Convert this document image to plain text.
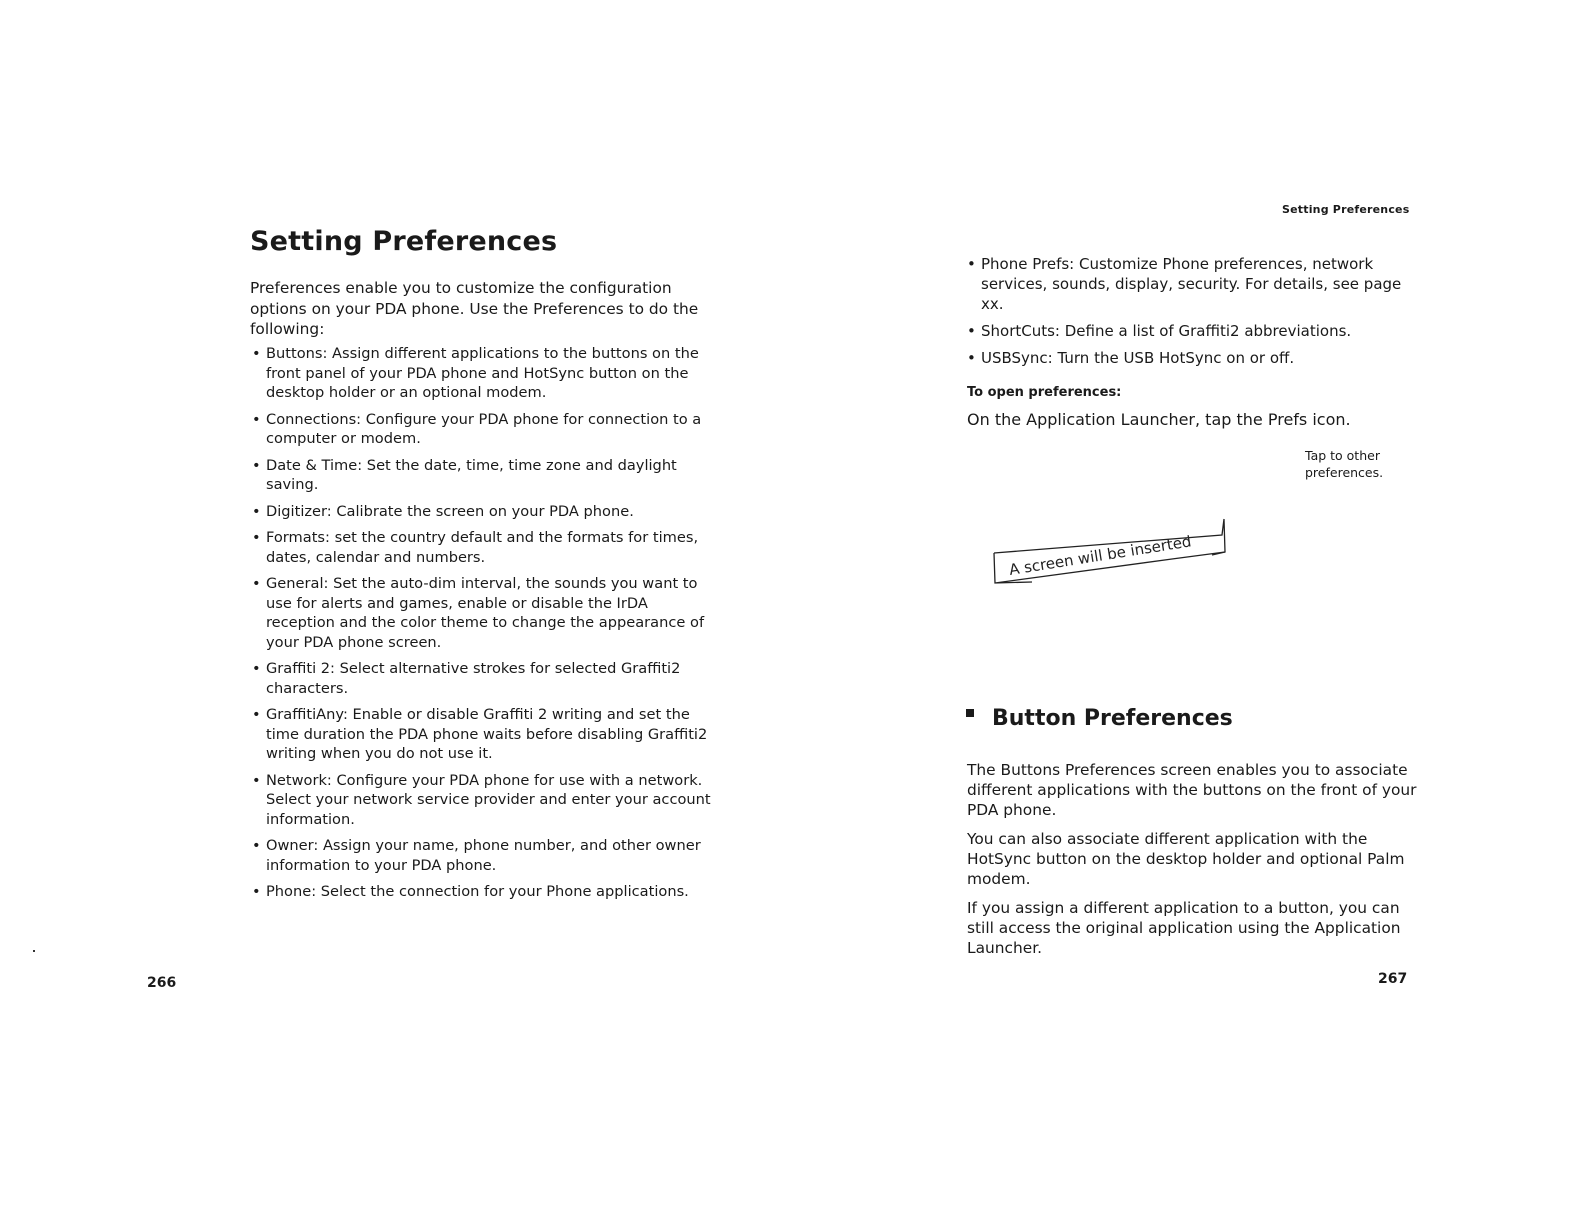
Setting Preferences

Preferences enable you to customize the configuration options on your PDA phone. Use the Preferences to do the following:

• Buttons: Assign different applications to the buttons on the front panel of your PDA phone and HotSync button on the desktop holder or an optional modem.
• Connections: Configure your PDA phone for connection to a computer or modem.
• Date & Time: Set the date, time, time zone and daylight saving.
• Digitizer: Calibrate the screen on your PDA phone.
• Formats: set the country default and the formats for times, dates, calendar and numbers.
• General: Set the auto-dim interval, the sounds you want to use for alerts and games, enable or disable the IrDA reception and the color theme to change the appearance of your PDA phone screen.
• Graffiti 2: Select alternative strokes for selected Graffiti2 characters.
• GraffitiAny: Enable or disable Graffiti 2 writing and set the time duration the PDA phone waits before disabling Graffiti2 writing when you do not use it.
• Network: Configure your PDA phone for use with a network. Select your network service provider and enter your account information.
• Owner: Assign your name, phone number, and other owner information to your PDA phone.
• Phone: Select the connection for your Phone applications.

266

Setting Preferences
• Phone Prefs: Customize Phone preferences, network services, sounds, display, security. For details, see page xx.
• ShortCuts: Define a list of Graffiti2 abbreviations.
• USBSync: Turn the USB HotSync on or off.

To open preferences:

On the Application Launcher, tap the Prefs icon.

Tap to other preferences.

A screen will be inserted
Button Preferences

The Buttons Preferences screen enables you to associate different applications with the buttons on the front of your PDA phone.

You can also associate different application with the HotSync button on the desktop holder and optional Palm modem.

If you assign a different application to a button, you can still access the original application using the Application Launcher.

267
